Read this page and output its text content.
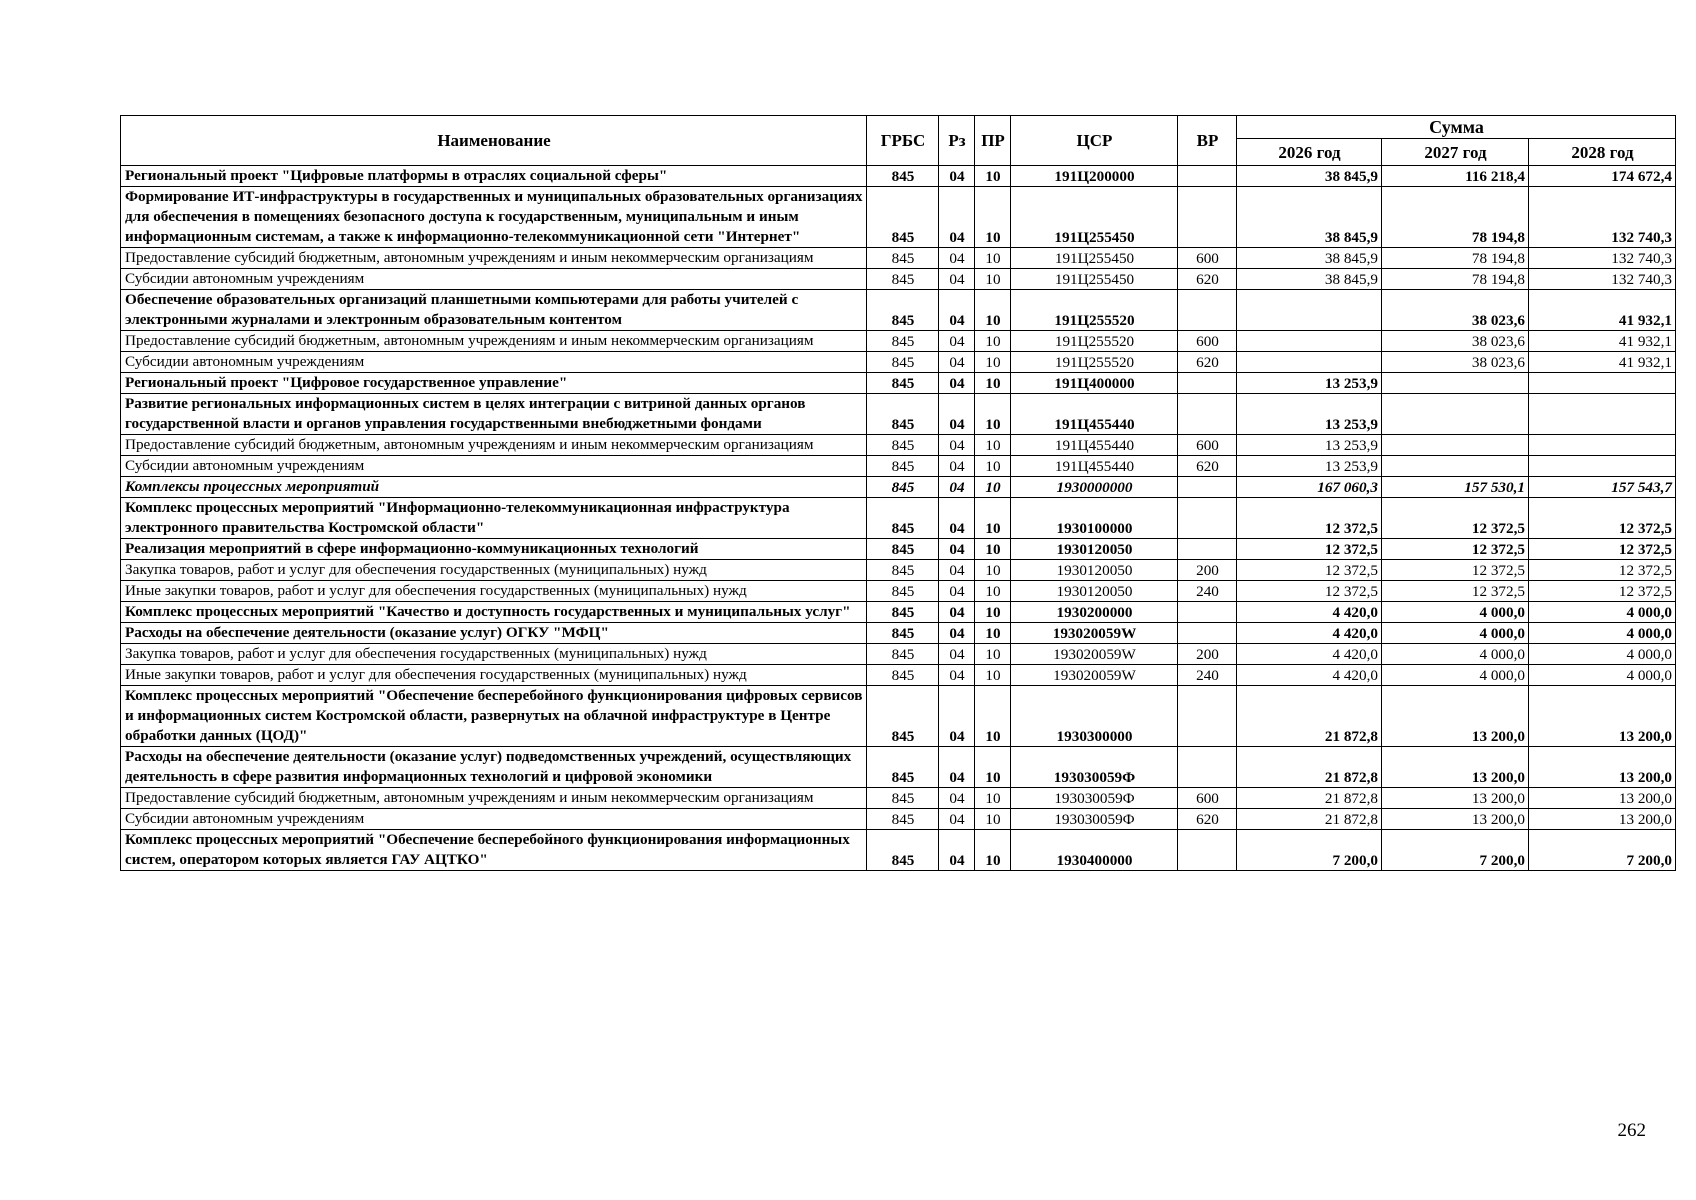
Наименование	ГРБС	Рз	ПР	ЦСР	ВР	Сумма		
						2026 год	2027 год	2028 год
Региональный проект "Цифровые платформы в отраслях социальной сферы"	845	04	10	191Ц200000		38 845,9	116 218,4	174 672,4
Формирование ИТ-инфраструктуры в государственных и муниципальных образовательных организациях для обеспечения в помещениях безопасного доступа к государственным, муниципальным и иным информационным системам, а также к информационно-телекоммуникационной сети "Интернет"	845	04	10	191Ц255450		38 845,9	78 194,8	132 740,3
Предоставление субсидий бюджетным, автономным учреждениям и иным некоммерческим организациям	845	04	10	191Ц255450	600	38 845,9	78 194,8	132 740,3
Субсидии автономным учреждениям	845	04	10	191Ц255450	620	38 845,9	78 194,8	132 740,3
Обеспечение образовательных организаций планшетными компьютерами для работы учителей с электронными журналами и электронным образовательным контентом	845	04	10	191Ц255520			38 023,6	41 932,1
Предоставление субсидий бюджетным, автономным учреждениям и иным некоммерческим организациям	845	04	10	191Ц255520	600		38 023,6	41 932,1
Субсидии автономным учреждениям	845	04	10	191Ц255520	620		38 023,6	41 932,1
Региональный проект "Цифровое государственное управление"	845	04	10	191Ц400000		13 253,9		
Развитие региональных информационных систем в целях интеграции с витриной данных органов государственной власти и органов управления государственными внебюджетными фондами	845	04	10	191Ц455440		13 253,9		
Предоставление субсидий бюджетным, автономным учреждениям и иным некоммерческим организациям	845	04	10	191Ц455440	600	13 253,9		
Субсидии автономным учреждениям	845	04	10	191Ц455440	620	13 253,9		
Комплексы процессных мероприятий	845	04	10	1930000000		167 060,3	157 530,1	157 543,7
Комплекс процессных мероприятий "Информационно-телекоммуникационная инфраструктура электронного правительства Костромской области"	845	04	10	1930100000		12 372,5	12 372,5	12 372,5
Реализация мероприятий в сфере информационно-коммуникационных технологий	845	04	10	1930120050		12 372,5	12 372,5	12 372,5
Закупка товаров, работ и услуг для обеспечения государственных (муниципальных) нужд	845	04	10	1930120050	200	12 372,5	12 372,5	12 372,5
Иные закупки товаров, работ и услуг для обеспечения государственных (муниципальных) нужд	845	04	10	1930120050	240	12 372,5	12 372,5	12 372,5
Комплекс процессных мероприятий "Качество и доступность государственных и муниципальных услуг"	845	04	10	1930200000		4 420,0	4 000,0	4 000,0
Расходы на обеспечение деятельности (оказание услуг) ОГКУ "МФЦ"	845	04	10	193020059W		4 420,0	4 000,0	4 000,0
Закупка товаров, работ и услуг для обеспечения государственных (муниципальных) нужд	845	04	10	193020059W	200	4 420,0	4 000,0	4 000,0
Иные закупки товаров, работ и услуг для обеспечения государственных (муниципальных) нужд	845	04	10	193020059W	240	4 420,0	4 000,0	4 000,0
Комплекс процессных мероприятий "Обеспечение бесперебойного функционирования цифровых сервисов и информационных систем Костромской области, развернутых на облачной инфраструктуре в Центре обработки данных (ЦОД)"	845	04	10	1930300000		21 872,8	13 200,0	13 200,0
Расходы на обеспечение деятельности (оказание услуг) подведомственных учреждений, осуществляющих деятельность в сфере развития информационных технологий и цифровой экономики	845	04	10	193030059Ф		21 872,8	13 200,0	13 200,0
Предоставление субсидий бюджетным, автономным учреждениям и иным некоммерческим организациям	845	04	10	193030059Ф	600	21 872,8	13 200,0	13 200,0
Субсидии автономным учреждениям	845	04	10	193030059Ф	620	21 872,8	13 200,0	13 200,0
Комплекс процессных мероприятий "Обеспечение бесперебойного функционирования информационных систем, оператором которых является ГАУ АЦТКО"	845	04	10	1930400000		7 200,0	7 200,0	7 200,0
262
